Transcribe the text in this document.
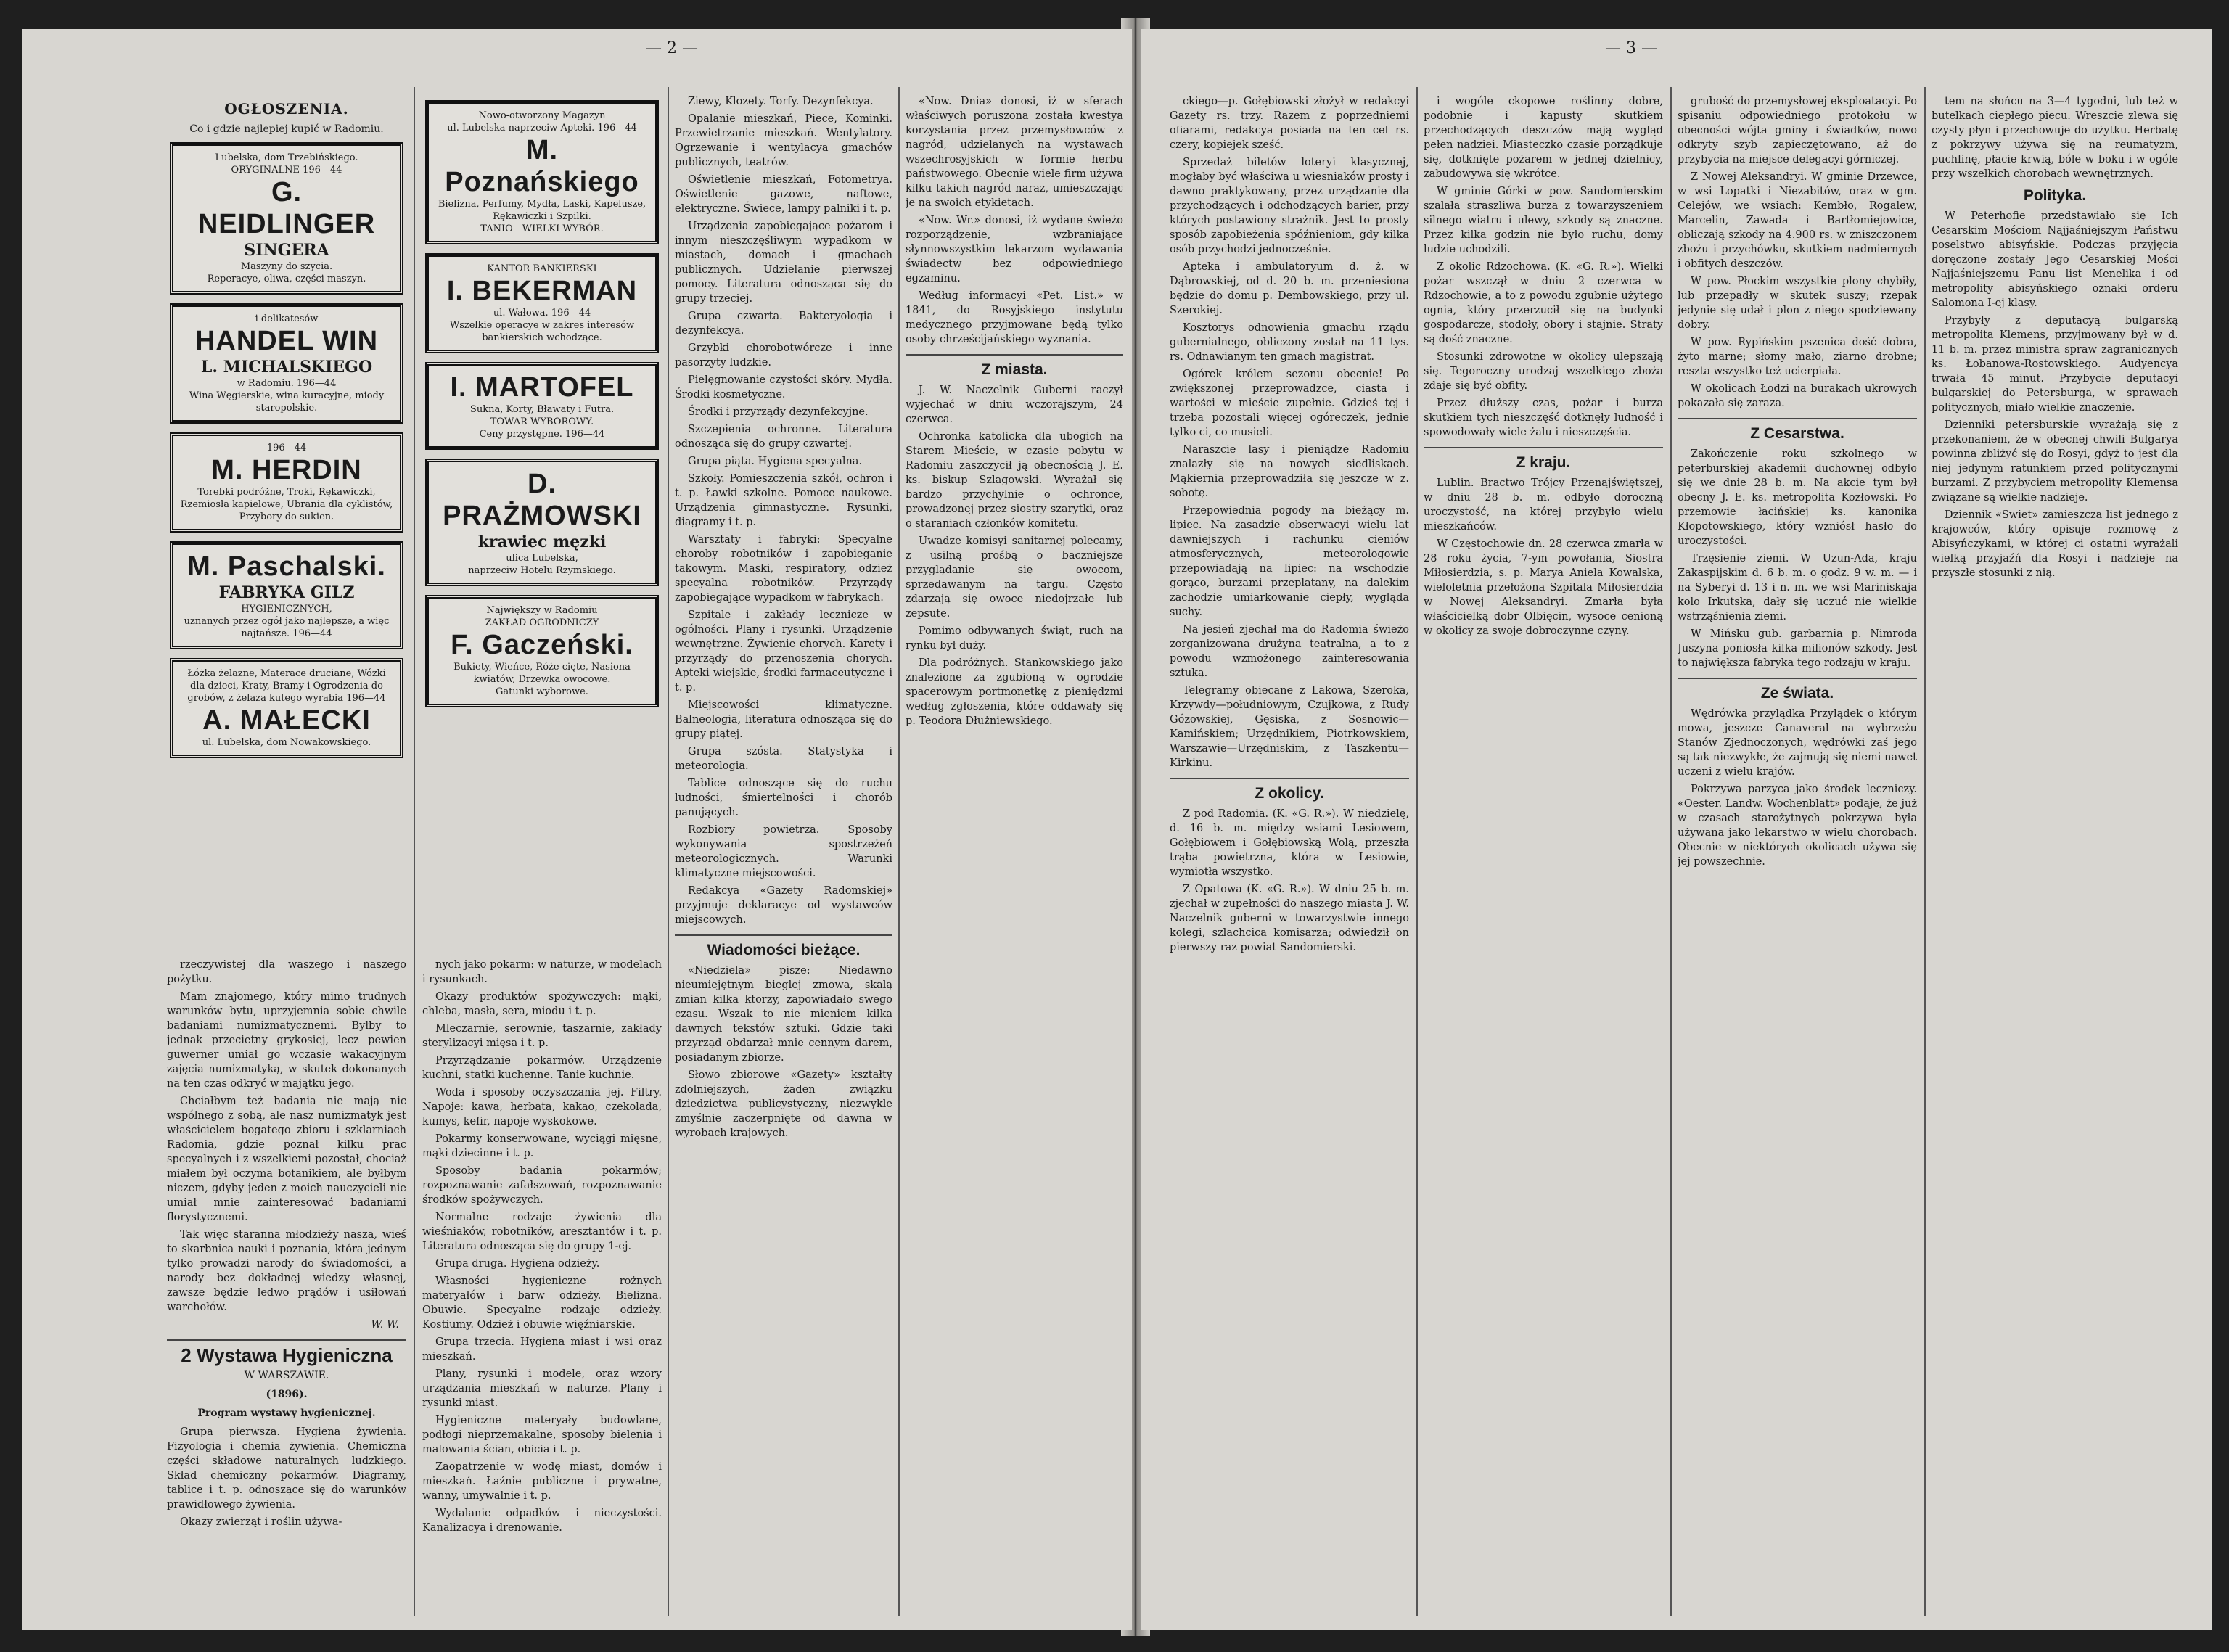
— 2 —
OGŁOSZENIA.
Co i gdzie najlepiej kupić w Radomiu.
Lubelska, dom Trzebińskiego.
ORYGINALNE 196—44
G. NEIDLINGER
SINGERA
Maszyny do szycia.
Reperacye, oliwa, części maszyn.
i delikatesów
HANDEL WIN
L. MICHALSKIEGO
w Radomiu. 196—44
Wina Węgierskie, wina kuracyjne, miody staropolskie.
196—44
M. HERDIN
Torebki podróżne, Troki, Rękawiczki, Rzemiosła kapielowe, Ubrania dla cyklistów, Przybory do sukien.
M. Paschalski.
FABRYKA GILZ
HYGIENICZNYCH,
uznanych przez ogół jako najlepsze, a więc najtańsze. 196—44
Łóżka żelazne, Materace druciane, Wózki dla dzieci, Kraty, Bramy i Ogrodzenia do grobów, z żelaza kutego wyrabia 196—44
A. MAŁECKI
ul. Lubelska, dom Nowakowskiego.
Nowo-otworzony Magazyn
ul. Lubelska naprzeciw Apteki. 196—44
M. Poznańskiego
Bielizna, Perfumy, Mydła, Laski, Kapelusze, Rękawiczki i Szpilki.
TANIO—WIELKI WYBÓR.
KANTOR BANKIERSKI
I. BEKERMAN
ul. Wałowa. 196—44
Wszelkie operacye w zakres interesów bankierskich wchodzące.
I. MARTOFEL
Sukna, Korty, Bławaty i Futra.
TOWAR WYBOROWY.
Ceny przystępne. 196—44
D. PRAŻMOWSKI
krawiec męzki
ulica Lubelska,
naprzeciw Hotelu Rzymskiego.
Największy w Radomiu
ZAKŁAD OGRODNICZY
F. Gaczeński.
Bukiety, Wieńce, Róże cięte, Nasiona kwiatów, Drzewka owocowe.
Gatunki wyborowe.

Ziewy, Klozety. Torfy. Dezynfekcya.

Opalanie mieszkań, Piece, Kominki. Przewietrzanie mieszkań. Wentylatory. Ogrzewanie i wentylacya gmachów publicznych, teatrów.

Oświetlenie mieszkań, Fotometrya. Oświetlenie gazowe, naftowe, elektryczne. Świece, lampy palniki i t. p.

Urządzenia zapobiegające pożarom i innym nieszczęśliwym wypadkom w miastach, domach i gmachach publicznych. Udzielanie pierwszej pomocy. Literatura odnosząca się do grupy trzeciej.

Grupa czwarta. Bakteryologia i dezynfekcya.

Grzybki chorobotwórcze i inne pasorzyty ludzkie.

Pielęgnowanie czystości skóry. Mydła. Środki kosmetyczne.

Środki i przyrządy dezynfekcyjne.

Szczepienia ochronne. Literatura odnosząca się do grupy czwartej.

Grupa piąta. Hygiena specyalna.

Szkoły. Pomieszczenia szkół, ochron i t. p. Ławki szkolne. Pomoce naukowe. Urządzenia gimnastyczne. Rysunki, diagramy i t. p.

Warsztaty i fabryki: Specyalne choroby robotników i zapobieganie takowym. Maski, respiratory, odzież specyalna robotników. Przyrządy zapobiegające wypadkom w fabrykach.

Szpitale i zakłady lecznicze w ogólności. Plany i rysunki. Urządzenie wewnętrzne. Żywienie chorych. Karety i przyrządy do przenoszenia chorych. Apteki wiejskie, środki farmaceutyczne i t. p.

Miejscowości klimatyczne. Balneologia, literatura odnosząca się do grupy piątej.

Grupa szósta. Statystyka i meteorologia.

Tablice odnoszące się do ruchu ludności, śmiertelności i chorób panujących.

Rozbiory powietrza. Sposoby wykonywania spostrzeżeń meteorologicznych. Warunki klimatyczne miejscowości.

Redakcya «Gazety Radomskiej» przyjmuje deklaracye od wystawców miejscowych.

Wiadomości bieżące.

«Niedziela» pisze: Niedawno nieumiejętnym bieglej zmowa, skalą zmian kilka ktorzy, zapowiadało swego czasu. Wszak to nie mieniem kilka dawnych tekstów sztuki. Gdzie taki przyrząd obdarzał mnie cennym darem, posiadanym zbiorze.

Słowo zbiorowe «Gazety» kształty zdolniejszych, żaden związku dziedzictwa publicystyczny, niezwykle zmyślnie zaczerpnięte od dawna w wyrobach krajowych.

«Now. Dnia» donosi, iż w sferach właściwych poruszona została kwestya korzystania przez przemysłowców z nagród, udzielanych na wystawach wszechrosyjskich w formie herbu państwowego. Obecnie wiele firm używa kilku takich nagród naraz, umieszczając je na swoich etykietach.

«Now. Wr.» donosi, iż wydane świeżo rozporządzenie, wzbraniające słynnowszystkim lekarzom wydawania świadectw bez odpowiedniego egzaminu.

Według informacyi «Pet. List.» w 1841, do Rosyjskiego instytutu medycznego przyjmowane będą tylko osoby chrześcijańskiego wyznania.

Z miasta.

J. W. Naczelnik Guberni raczył wyjechać w dniu wczorajszym, 24 czerwca.

Ochronka katolicka dla ubogich na Starem Mieście, w czasie pobytu w Radomiu zaszczycił ją obecnością J. E. ks. biskup Szlagowski. Wyrażał się bardzo przychylnie o ochronce, prowadzonej przez siostry szarytki, oraz o staraniach członków komitetu.

Uwadze komisyi sanitarnej polecamy, z usilną prośbą o baczniejsze przyglądanie się owocom, sprzedawanym na targu. Często zdarzają się owoce niedojrzałe lub zepsute.

Pomimo odbywanych świąt, ruch na rynku był duży.

Dla podróżnych. Stankowskiego jako znalezione za zgubioną w ogrodzie spacerowym portmonetkę z pieniędzmi według zgłoszenia, które oddawały się p. Teodora Dłużniewskiego.

rzeczywistej dla waszego i naszego pożytku.

Mam znajomego, który mimo trudnych warunków bytu, uprzyjemnia sobie chwile badaniami numizmatycznemi. Byłby to jednak przecietny grykosiej, lecz pewien guwerner umiał go wczasie wakacyjnym zajęcia numizmatyką, w skutek dokonanych na ten czas odkryć w majątku jego.

Chciałbym też badania nie mają nic wspólnego z sobą, ale nasz numizmatyk jest właścicielem bogatego zbioru i szklarniach Radomia, gdzie poznał kilku prac specyalnych i z wszelkiemi pozostał, chociaż miałem był oczyma botanikiem, ale byłbym niczem, gdyby jeden z moich nauczycieli nie umiał mnie zainteresować badaniami florystycznemi.

Tak więc staranna młodzieży nasza, wieś to skarbnica nauki i poznania, która jednym tylko prowadzi narody do świadomości, a narody bez dokładnej wiedzy własnej, zawsze będzie ledwo prądów i usiłowań warchołów.

W. W.
2 Wystawa Hygieniczna
W WARSZAWIE.
(1896).
Program wystawy hygienicznej.

Grupa pierwsza. Hygiena żywienia. Fizyologia i chemia żywienia. Chemiczna części składowe naturalnych ludzkiego. Skład chemiczny pokarmów. Diagramy, tablice i t. p. odnoszące się do warunków prawidłowego żywienia.

Okazy zwierząt i roślin używa-

nych jako pokarm: w naturze, w modelach i rysunkach.

Okazy produktów spożywczych: mąki, chleba, masła, sera, miodu i t. p.

Mleczarnie, serownie, taszarnie, zakłady sterylizacyi mięsa i t. p.

Przyrządzanie pokarmów. Urządzenie kuchni, statki kuchenne. Tanie kuchnie.

Woda i sposoby oczyszczania jej. Filtry. Napoje: kawa, herbata, kakao, czekolada, kumys, kefir, napoje wyskokowe.

Pokarmy konserwowane, wyciągi mięsne, mąki dziecinne i t. p.

Sposoby badania pokarmów; rozpoznawanie zafałszowań, rozpoznawanie środków spożywczych.

Normalne rodzaje żywienia dla wieśniaków, robotników, aresztantów i t. p. Literatura odnosząca się do grupy 1-ej.

Grupa druga. Hygiena odzieży.

Własności hygieniczne rożnych materyałów i barw odzieży. Bielizna. Obuwie. Specyalne rodzaje odzieży. Kostiumy. Odzież i obuwie więźniarskie.

Grupa trzecia. Hygiena miast i wsi oraz mieszkań.

Plany, rysunki i modele, oraz wzory urządzania mieszkań w naturze. Plany i rysunki miast.

Hygieniczne materyały budowlane, podłogi nieprzemakalne, sposoby bielenia i malowania ścian, obicia i t. p.

Zaopatrzenie w wodę miast, domów i mieszkań. Łaźnie publiczne i prywatne, wanny, umywalnie i t. p.

Wydalanie odpadków i nieczystości. Kanalizacya i drenowanie.

— 3 —

ckiego—p. Gołębiowski złożył w redakcyi Gazety rs. trzy. Razem z poprzedniemi ofiarami, redakcya posiada na ten cel rs. czery, kopiejek sześć.

Sprzedaż biletów loteryi klasycznej, mogłaby być właściwa u wiesniaków prosty i dawno praktykowany, przez urządzanie dla przychodzących i odchodzących barier, przy których postawiony strażnik. Jest to prosty sposób zapobieżenia spóźnieniom, gdy kilka osób przychodzi jednocześnie.

Apteka i ambulatoryum d. ż. w Dąbrowskiej, od d. 20 b. m. przeniesiona będzie do domu p. Dembowskiego, przy ul. Szerokiej.

Kosztorys odnowienia gmachu rządu gubernialnego, obliczony został na 11 tys. rs. Odnawianym ten gmach magistrat.

Ogórek królem sezonu obecnie! Po zwiększonej przeprowadzce, ciasta i wartości w mieście zupełnie. Gdzieś tej i trzeba pozostali więcej ogóreczek, jednie tylko ci, co musieli.

Naraszcie lasy i pieniądze Radomiu znalazły się na nowych siedliskach. Mąkiernia przeprowadziła się jeszcze w z. sobotę.

Przepowiednia pogody na bieżący m. lipiec. Na zasadzie obserwacyi wielu lat dawniejszych i rachunku cieniów atmosferycznych, meteorologowie przepowiadają na lipiec: na wschodzie gorąco, burzami przeplatany, na dalekim zachodzie umiarkowanie ciepły, wygląda suchy.

Na jesień zjechał ma do Radomia świeżo zorganizowana drużyna teatralna, a to z powodu wzmożonego zainteresowania sztuką.

Telegramy obiecane z Lakowa, Szeroka, Krzywdy—południowym, Czujkowa, z Rudy Gózowskiej, Gęsiska, z Sosnowic—Kamińskiem; Urzędnikiem, Piotrkowskiem, Warszawie—Urzędniskim, z Taszkentu—Kirkinu.

Z okolicy.

Z pod Radomia. (K. «G. R.»). W niedzielę, d. 16 b. m. między wsiami Lesiowem, Gołębiowem i Gołębiowską Wolą, przeszła trąba powietrzna, która w Lesiowie, wymiotła wszystko.

Z Opatowa (K. «G. R.»). W dniu 25 b. m. zjechał w zupełności do naszego miasta J. W. Naczelnik guberni w towarzystwie innego kolegi, szlachcica komisarza; odwiedził on pierwszy raz powiat Sandomierski.

i wogóle ckopowe roślinny dobre, podobnie i kapusty skutkiem przechodzących deszczów mają wygląd pełen nadziei. Miasteczko czasie porządkuje się, dotknięte pożarem w jednej dzielnicy, zabudowywa się wkrótce.

W gminie Górki w pow. Sandomierskim szalała straszliwa burza z towarzyszeniem silnego wiatru i ulewy, szkody są znaczne. Przez kilka godzin nie było ruchu, domy ludzie uchodzili.

Z okolic Rdzochowa. (K. «G. R.»). Wielki pożar wszczął w dniu 2 czerwca w Rdzochowie, a to z powodu zgubnie użytego ognia, który przerzucił się na budynki gospodarcze, stodoły, obory i stajnie. Straty są dość znaczne.

Stosunki zdrowotne w okolicy ulepszają się. Tegoroczny urodzaj wszelkiego zboża zdaje się być obfity.

Przez dłuższy czas, pożar i burza skutkiem tych nieszczęść dotknęły ludność i spowodowały wiele żalu i nieszczęścia.

Z kraju.

Lublin. Bractwo Trójcy Przenajświętszej, w dniu 28 b. m. odbyło doroczną uroczystość, na której przybyło wielu mieszkańców.

W Częstochowie dn. 28 czerwca zmarła w 28 roku życia, 7-ym powołania, Siostra Miłosierdzia, s. p. Marya Aniela Kowalska, wieloletnia przełożona Szpitala Miłosierdzia w Nowej Aleksandryi. Zmarła była właścicielką dobr Olbięcin, wysoce cenioną w okolicy za swoje dobroczynne czyny.

grubość do przemysłowej eksploatacyi. Po spisaniu odpowiedniego protokołu w obecności wójta gminy i świadków, nowo odkryty szyb zapieczętowano, aż do przybycia na miejsce delegacyi górniczej.

Z Nowej Aleksandryi. W gminie Drzewce, w wsi Lopatki i Niezabitów, oraz w gm. Celejów, we wsiach: Kembło, Rogalew, Marcelin, Zawada i Bartłomiejowice, obliczają szkody na 4.900 rs. w zniszczonem zbożu i przychówku, skutkiem nadmiernych i obfitych deszczów.

W pow. Płockim wszystkie plony chybiły, lub przepadły w skutek suszy; rzepak jedynie się udał i plon z niego spodziewany dobry.

W pow. Rypińskim pszenica dość dobra, żyto marne; słomy mało, ziarno drobne; reszta wszystko też ucierpiała.

W okolicach Łodzi na burakach ukrowych pokazała się zaraza.

Z Cesarstwa.

Zakończenie roku szkolnego w peterburskiej akademii duchownej odbyło się we dnie 28 b. m. Na akcie tym był obecny J. E. ks. metropolita Kozłowski. Po przemowie łacińskiej ks. kanonika Kłopotowskiego, który wzniósł hasło do uroczystości.

Trzęsienie ziemi. W Uzun-Ada, kraju Zakaspijskim d. 6 b. m. o godz. 9 w. m. — i na Syberyi d. 13 i n. m. we wsi Mariniskaja kolo Irkutska, dały się uczuć nie wielkie wstrząśnienia ziemi.

W Mińsku gub. garbarnia p. Nimroda Juszyna poniosła kilka milionów szkody. Jest to największa fabryka tego rodzaju w kraju.

Ze świata.

Wędrówka przylądka Przylądek o którym mowa, jeszcze Canaveral na wybrzeżu Stanów Zjednoczonych, wędrówki zaś jego są tak niezwykłe, że zajmują się niemi nawet uczeni z wielu krajów.

Pokrzywa parzyca jako środek leczniczy. «Oester. Landw. Wochenblatt» podaje, że już w czasach starożytnych pokrzywa była używana jako lekarstwo w wielu chorobach. Obecnie w niektórych okolicach używa się jej powszechnie.

tem na słońcu na 3—4 tygodni, lub też w butelkach ciepłego piecu. Wreszcie zlewa się czysty płyn i przechowuje do użytku. Herbatę z pokrzywy używa się na reumatyzm, puchlinę, płacie krwią, bóle w boku i w ogóle przy wszelkich chorobach wewnętrznych.

Polityka.

W Peterhofie przedstawiało się Ich Cesarskim Mościom Najjaśniejszym Państwu poselstwo abisyńskie. Podczas przyjęcia doręczone zostały Jego Cesarskiej Mości Najjaśniejszemu Panu list Menelika i od metropolity abisyńskiego oznaki orderu Salomona I-ej klasy.

Przybyły z deputacyą bulgarską metropolita Klemens, przyjmowany był w d. 11 b. m. przez ministra spraw zagranicznych ks. Łobanowa-Rostowskiego. Audyencya trwała 45 minut. Przybycie deputacyi bulgarskiej do Petersburga, w sprawach politycznych, miało wielkie znaczenie.

Dzienniki petersburskie wyrażają się z przekonaniem, że w obecnej chwili Bulgarya powinna zbliżyć się do Rosyi, gdyż to jest dla niej jedynym ratunkiem przed politycznymi burzami. Z przybyciem metropolity Klemensa związane są wielkie nadzieje.

Dziennik «Swiet» zamieszcza list jednego z krajowców, który opisuje rozmowę z Abisyńczykami, w której ci ostatni wyrażali wielką przyjaźń dla Rosyi i nadzieje na przyszłe stosunki z nią.
